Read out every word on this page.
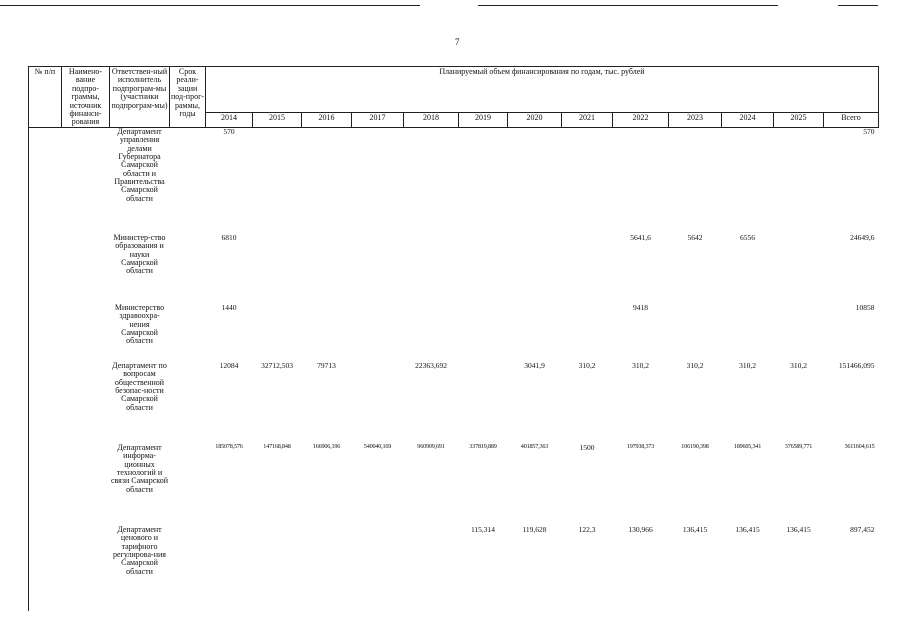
7
№ п/п	Наимено-вание подпро-граммы, источник финанси-рования	Ответствен-ный исполнитель подпрограм-мы (участники подпрограм-мы)	Срок реали-зации под-прог-раммы, годы	Планируемый объем финансирования по годам, тыс. рублей												
				2014	2015	2016	2017	2018	2019	2020	2021	2022	2023	2024	2025	Всего
		Департамент управления делами Губернатора Самарской области и Правительства Самарской области		570												570
		Министер-ство образования и науки Самарской области		6810								5641,6	5642	6556		24649,6
		Министерство здравоохра-нения Самарской области		1440								9418				10858
		Департамент по вопросам общественной безопас-ности Самарской области		12084	32712,503	79713		22363,692		3041,9	310,2	310,2	310,2	310,2	310,2	151466,095
		Департамент информа-ционных технологий и связи Самарской области		185078,576	147168,848	166906,196	540040,169	960909,691	337819,889	401857,363	1500	197938,373	106190,398	189605,341	376589,771	3611604,615
		Департамент ценового и тарифного регулирова-ния Самарской области							115,314	119,628	122,3	130,966	136,415	136,415	136,415	897,452
